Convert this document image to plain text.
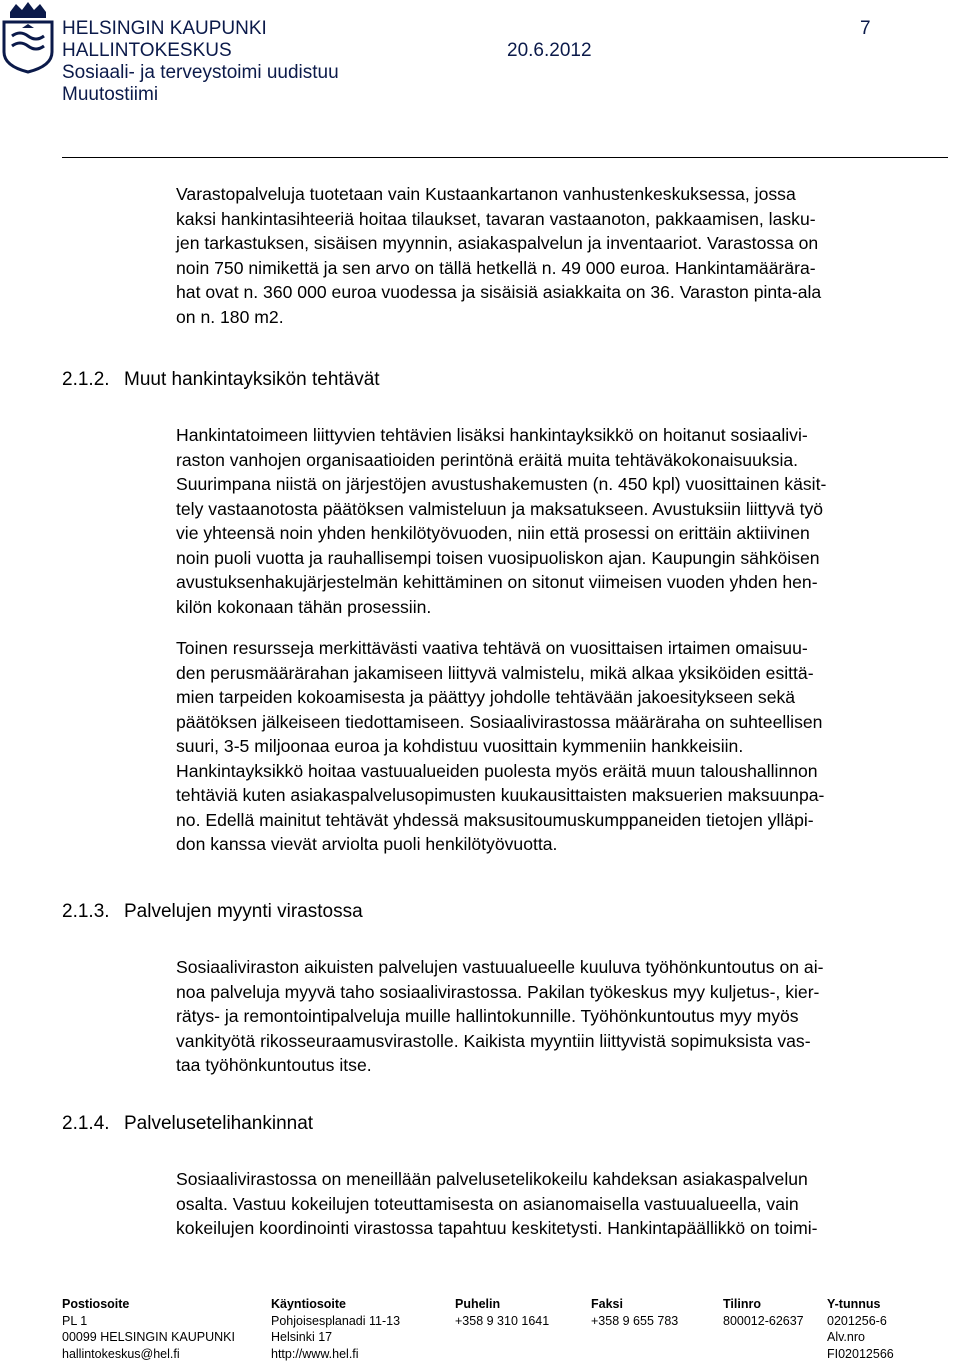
HELSINGIN KAUPUNKI
HALLINTOKESKUS	20.6.2012
Sosiaali- ja terveystoimi uudistuu
Muutostiimi
7
Varastopalveluja tuotetaan vain Kustaankartanon vanhustenkeskuksessa, jossa
kaksi hankintasihteeriä hoitaa tilaukset, tavaran vastaanoton, pakkaamisen, lasku-
jen tarkastuksen, sisäisen myynnin, asiakaspalvelun ja inventaariot. Varastossa on
noin 750 nimikettä ja sen arvo on tällä hetkellä n. 49 000 euroa. Hankintamäärära-
hat ovat n. 360 000 euroa vuodessa ja sisäisiä asiakkaita on 36. Varaston pinta-ala
on n. 180 m2.
2.1.2. Muut hankintayksikön tehtävät
Hankintatoimeen liittyvien tehtävien lisäksi hankintayksikkö on hoitanut sosiaalivi-
raston vanhojen organisaatioiden perintönä eräitä muita tehtäväkokonaisuuksia.
Suurimpana niistä on järjestöjen avustushakemusten (n. 450 kpl) vuosittainen käsit-
tely vastaanotosta päätöksen valmisteluun ja maksatukseen. Avustuksiin liittyvä työ
vie yhteensä noin yhden henkilötyövuoden, niin että prosessi on erittäin aktiivinen
noin puoli vuotta ja rauhallisempi toisen vuosipuoliskon ajan. Kaupungin sähköisen
avustuksenhakujärjestelmän kehittäminen on sitonut viimeisen vuoden yhden hen-
kilön kokonaan tähän prosessiin.
Toinen resursseja merkittävästi vaativa tehtävä on vuosittaisen irtaimen omaisuu-
den perusmäärärahan jakamiseen liittyvä valmistelu, mikä alkaa yksiköiden esittä-
mien tarpeiden kokoamisesta ja päättyy johdolle tehtävään jakoesitykseen sekä
päätöksen jälkeiseen tiedottamiseen. Sosiaalivirastossa määräraha on suhteellisen
suuri, 3-5 miljoonaa euroa ja kohdistuu vuosittain kymmeniin hankkeisiin.
Hankintayksikkö hoitaa vastuualueiden puolesta myös eräitä muun taloushallinnon
tehtäviä kuten asiakaspalvelusopimusten kuukausittaisten maksuerien maksuunpa-
no. Edellä mainitut tehtävät yhdessä maksusitoumuskumppaneiden tietojen ylläpi-
don kanssa vievät arviolta puoli henkilötyövuotta.
2.1.3. Palvelujen myynti virastossa
Sosiaaliviraston aikuisten palvelujen vastuualueelle kuuluva työhönkuntoutus on ai-
noa palveluja myyvä taho sosiaalivirastossa. Pakilan työkeskus myy kuljetus-, kier-
rätys- ja remontointipalveluja muille hallintokunnille. Työhönkuntoutus myy myös
vankityötä rikosseuraamusvirastolle. Kaikista myyntiin liittyvistä sopimuksista vas-
taa työhönkuntoutus itse.
2.1.4. Palvelusetelihankinnat
Sosiaalivirastossa on meneillään palvelusetelikokeilu kahdeksan asiakaspalvelun
osalta. Vastuu kokeilujen toteuttamisesta on asianomaisella vastuualueella, vain
kokeilujen koordinointi virastossa tapahtuu keskitetysti. Hankintapäällikkö on toimi-
Postiosoite
PL 1
00099 HELSINGIN KAUPUNKI
hallintokeskus@hel.fi
Käyntiosoite
Pohjoisesplanadi 11-13
Helsinki 17
http://www.hel.fi
Puhelin
+358 9 310 1641
Faksi
+358 9 655 783
Tilinro
800012-62637
Y-tunnus
0201256-6
Alv.nro
FI02012566
